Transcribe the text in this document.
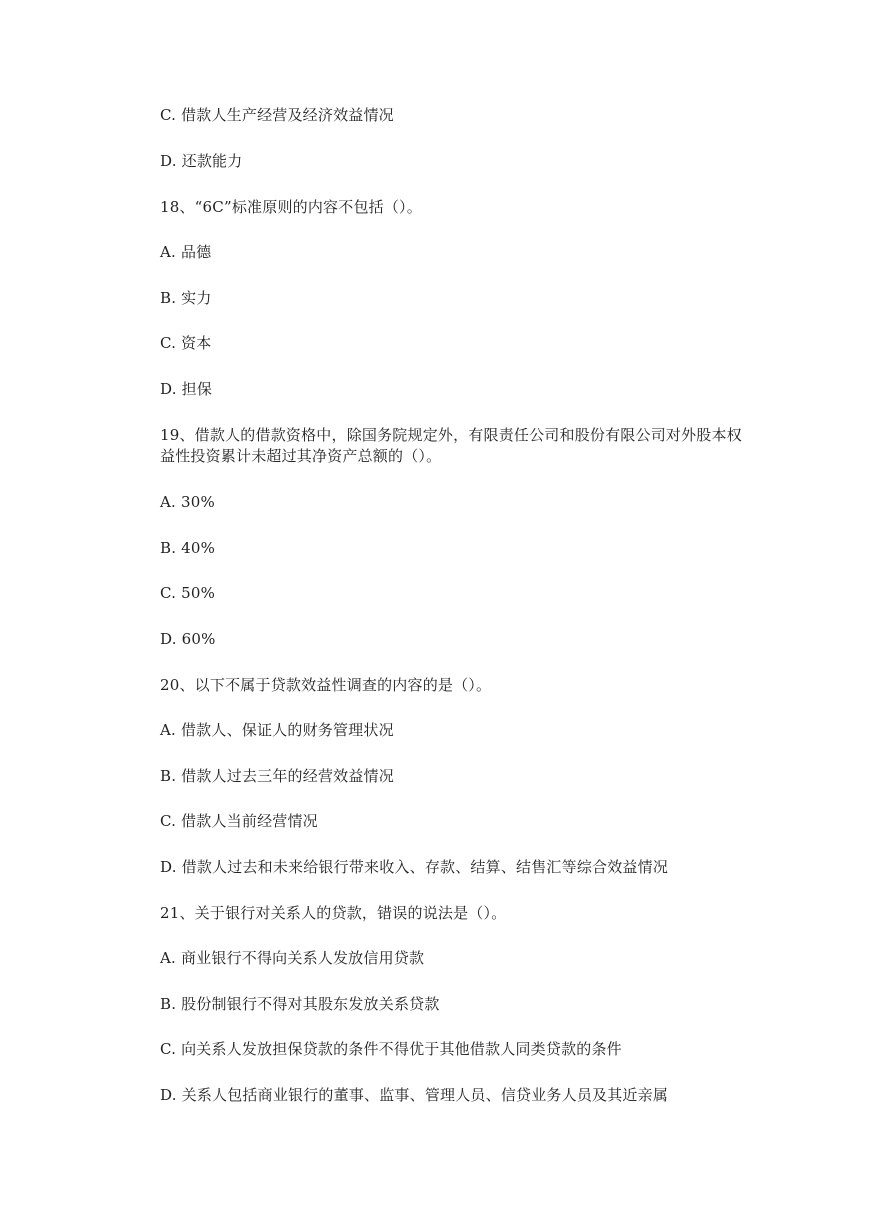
C. 借款人生产经营及经济效益情况
D. 还款能力
18、“6C”标准原则的内容不包括（）。
A. 品德
B. 实力
C. 资本
D. 担保
19、借款人的借款资格中，除国务院规定外，有限责任公司和股份有限公司对外股本权
益性投资累计未超过其净资产总额的（）。
A. 30%
B. 40%
C. 50%
D. 60%
20、以下不属于贷款效益性调查的内容的是（）。
A. 借款人、保证人的财务管理状况
B. 借款人过去三年的经营效益情况
C. 借款人当前经营情况
D. 借款人过去和未来给银行带来收入、存款、结算、结售汇等综合效益情况
21、关于银行对关系人的贷款，错误的说法是（）。
A. 商业银行不得向关系人发放信用贷款
B. 股份制银行不得对其股东发放关系贷款
C. 向关系人发放担保贷款的条件不得优于其他借款人同类贷款的条件
D. 关系人包括商业银行的董事、监事、管理人员、信贷业务人员及其近亲属
